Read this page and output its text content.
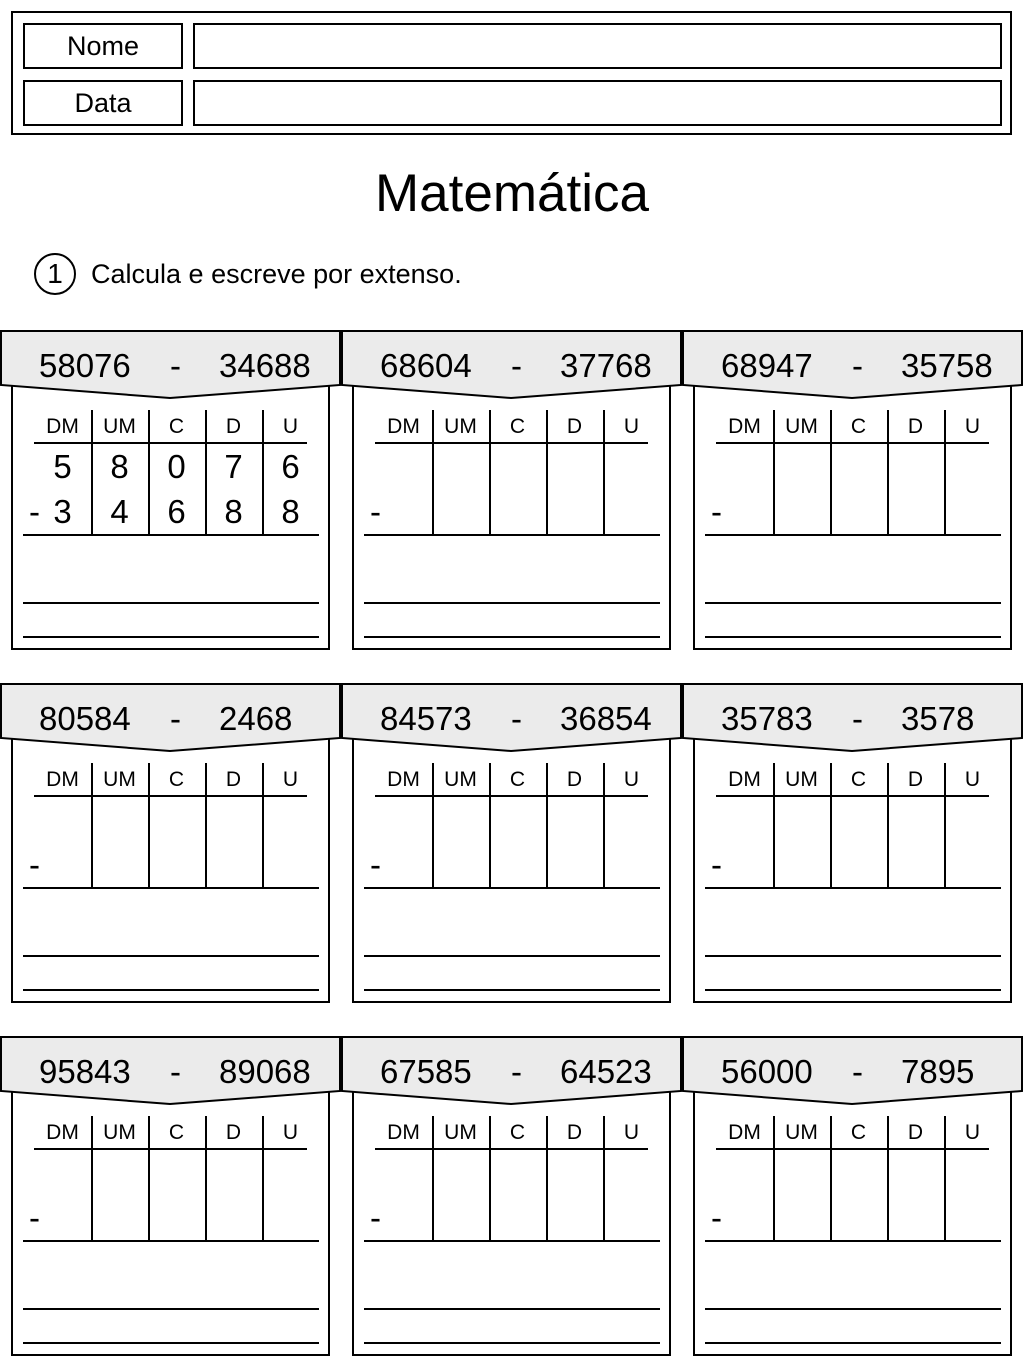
Nome
Data
Matemática
1	Calcula e escreve por extenso.
58076 - 34688
DM	UM	C	D	U
-
5	8	0	7	6
3	4	6	8	8
68604 - 37768
DM	UM	C	D	U
-
68947 - 35758
DM	UM	C	D	U
-
80584 - 2468
DM	UM	C	D	U
-
84573 - 36854
DM	UM	C	D	U
-
35783 - 3578
DM	UM	C	D	U
-
95843 - 89068
DM	UM	C	D	U
-
67585 - 64523
DM	UM	C	D	U
-
56000 - 7895
DM	UM	C	D	U
-
